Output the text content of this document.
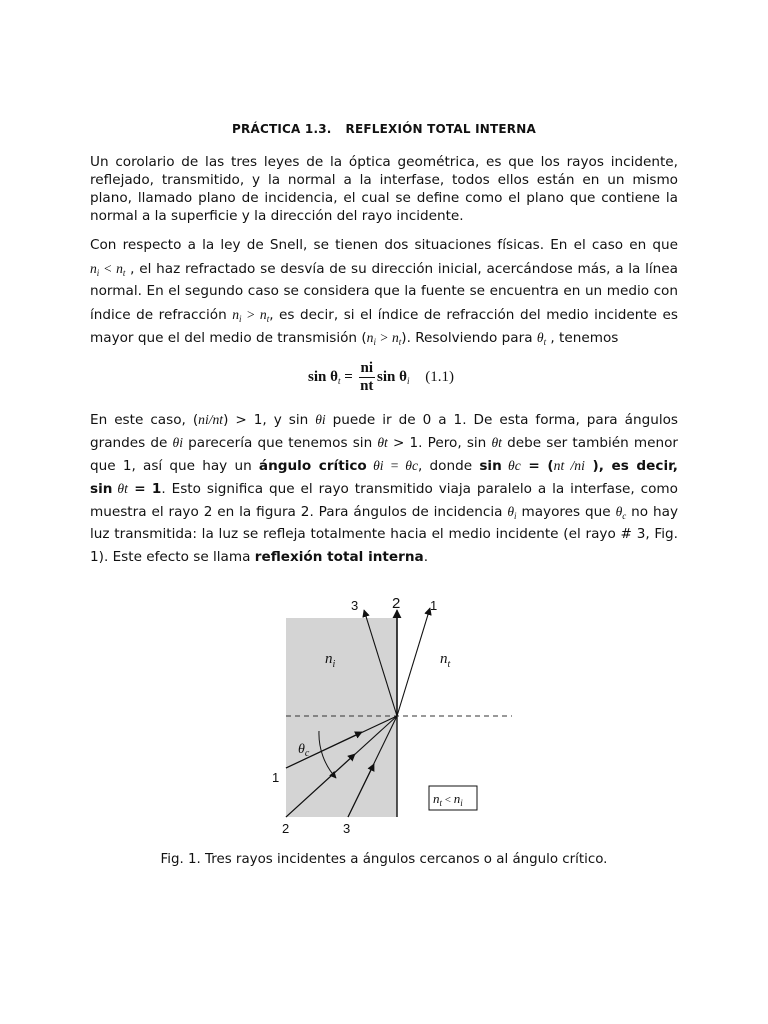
PRÁCTICA 1.3. REFLEXIÓN TOTAL INTERNA
Un corolario de las tres leyes de la óptica geométrica, es que los rayos incidente,
reflejado, transmitido, y la normal a la interfase, todos ellos están en un mismo
plano, llamado plano de incidencia, el cual se define como el plano que contiene la
normal a la superficie y la dirección del rayo incidente.
Con respecto a la ley de Snell, se tienen dos situaciones físicas. En el caso en que
$n_i < n_t$ , el haz refractado se desvía de su dirección inicial, acercándose más, a la línea
normal. En el segundo caso se considera que la fuente se encuentra en un medio con
índice de refracción $n_i > n_t$, es decir, si el índice de refracción del medio incidente es
mayor que el del medio de transmisión $(n_i > n_t)$. Resolviendo para $\theta_t$ , tenemos
$\sin \theta_t = \frac{ni}{nt}$ $\sin \theta_i$ (1.1)
En este caso, (ni/nt) > 1, y sin θi puede ir de 0 a 1. De esta forma, para ángulos
grandes de θi parecería que tenemos sin θt > 1. Pero, sin θt debe ser también menor
que 1, así que hay un ángulo crítico θi = θc, donde sin θc = (nt /ni ), es decir,
sin θt = 1. Esto significa que el rayo transmitido viaja paralelo a la interfase, como
muestra el rayo 2 en la figura 2. Para ángulos de incidencia $\theta_i$ mayores que $\theta_c$ no hay
luz transmitida: la luz se refleja totalmente hacia el medio incidente (el rayo # 3, Fig.
1). Este efecto se llama reflexión total interna.
3 2 1
1
2	3
$n_i$	$n_t$
$\theta_c$
$n_t$ < $n_i$
Fig. 1. Tres rayos incidentes a ángulos cercanos o al ángulo crítico.
